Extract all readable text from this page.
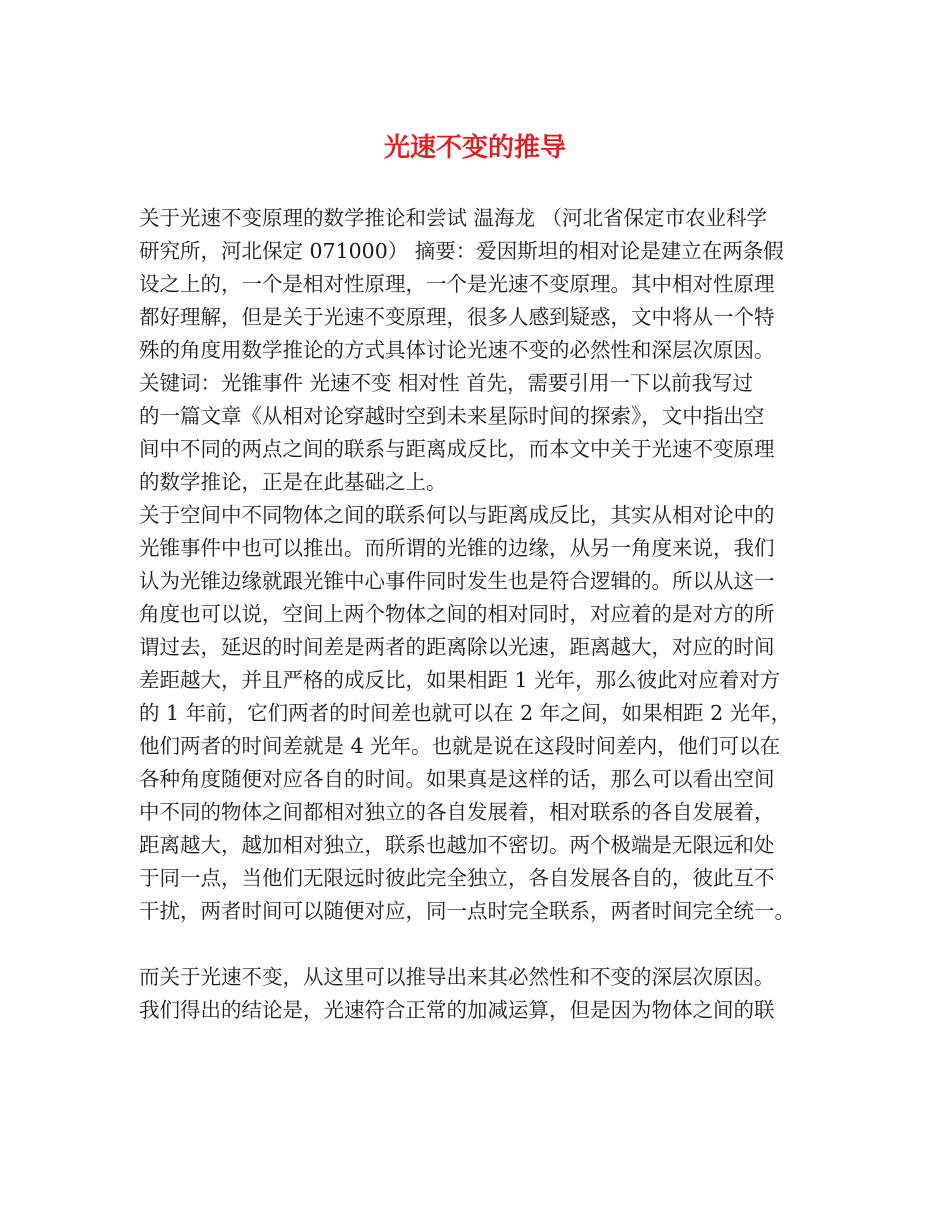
光速不变的推导
关于光速不变原理的数学推论和尝试 温海龙 （河北省保定市农业科学
研究所，河北保定 071000） 摘要：爱因斯坦的相对论是建立在两条假
设之上的，一个是相对性原理，一个是光速不变原理。其中相对性原理
都好理解，但是关于光速不变原理，很多人感到疑惑，文中将从一个特
殊的角度用数学推论的方式具体讨论光速不变的必然性和深层次原因。
关键词：光锥事件 光速不变 相对性 首先，需要引用一下以前我写过
的一篇文章《从相对论穿越时空到未来星际时间的探索》，文中指出空
间中不同的两点之间的联系与距离成反比，而本文中关于光速不变原理
的数学推论，正是在此基础之上。
关于空间中不同物体之间的联系何以与距离成反比，其实从相对论中的
光锥事件中也可以推出。而所谓的光锥的边缘，从另一角度来说，我们
认为光锥边缘就跟光锥中心事件同时发生也是符合逻辑的。所以从这一
角度也可以说，空间上两个物体之间的相对同时，对应着的是对方的所
谓过去，延迟的时间差是两者的距离除以光速，距离越大，对应的时间
差距越大，并且严格的成反比，如果相距 1 光年，那么彼此对应着对方
的 1 年前，它们两者的时间差也就可以在 2 年之间，如果相距 2 光年，
他们两者的时间差就是 4 光年。也就是说在这段时间差内，他们可以在
各种角度随便对应各自的时间。如果真是这样的话，那么可以看出空间
中不同的物体之间都相对独立的各自发展着，相对联系的各自发展着，
距离越大，越加相对独立，联系也越加不密切。两个极端是无限远和处
于同一点，当他们无限远时彼此完全独立，各自发展各自的，彼此互不
干扰，两者时间可以随便对应，同一点时完全联系，两者时间完全统一。
而关于光速不变，从这里可以推导出来其必然性和不变的深层次原因。
我们得出的结论是，光速符合正常的加减运算，但是因为物体之间的联
